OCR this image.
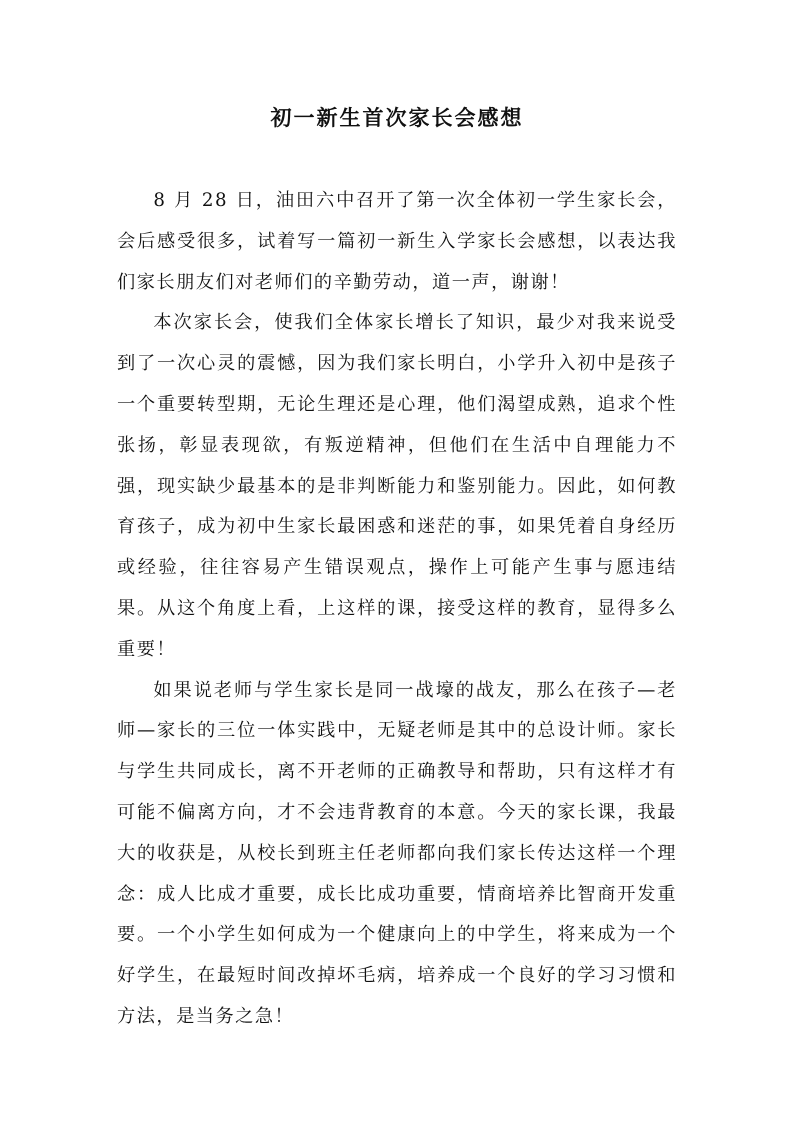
初一新生首次家长会感想

8 月 28 日，油田六中召开了第一次全体初一学生家长会，会后感受很多，试着写一篇初一新生入学家长会感想，以表达我们家长朋友们对老师们的辛勤劳动，道一声，谢谢！

本次家长会，使我们全体家长增长了知识，最少对我来说受到了一次心灵的震憾，因为我们家长明白，小学升入初中是孩子一个重要转型期，无论生理还是心理，他们渴望成熟，追求个性张扬，彰显表现欲，有叛逆精神，但他们在生活中自理能力不强，现实缺少最基本的是非判断能力和鉴别能力。因此，如何教育孩子，成为初中生家长最困惑和迷茫的事，如果凭着自身经历或经验，往往容易产生错误观点，操作上可能产生事与愿违结果。从这个角度上看，上这样的课，接受这样的教育，显得多么重要！

如果说老师与学生家长是同一战壕的战友，那么在孩子—老师—家长的三位一体实践中，无疑老师是其中的总设计师。家长与学生共同成长，离不开老师的正确教导和帮助，只有这样才有可能不偏离方向，才不会违背教育的本意。今天的家长课，我最大的收获是，从校长到班主任老师都向我们家长传达这样一个理念：成人比成才重要，成长比成功重要，情商培养比智商开发重要。一个小学生如何成为一个健康向上的中学生，将来成为一个好学生，在最短时间改掉坏毛病，培养成一个良好的学习习惯和方法，是当务之急！
